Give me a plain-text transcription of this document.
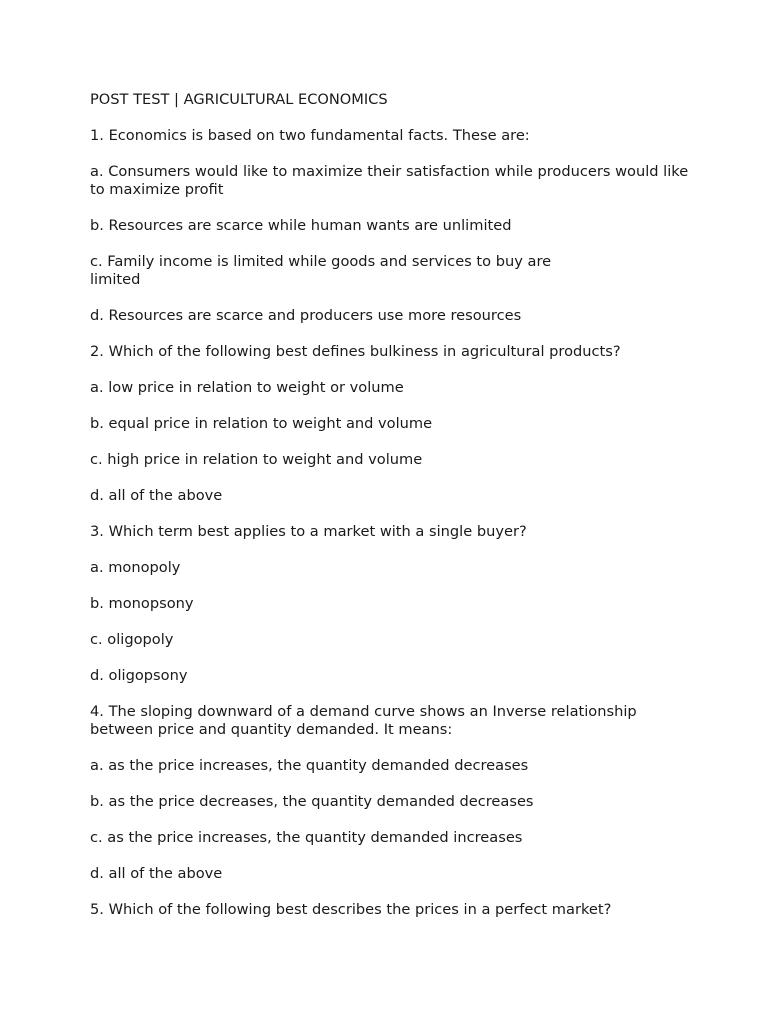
POST TEST | AGRICULTURAL ECONOMICS

1. Economics is based on two fundamental facts. These are:

a. Consumers would like to maximize their satisfaction while producers would like to maximize profit

b. Resources are scarce while human wants are unlimited

c. Family income is limited while goods and services to buy are limited

d. Resources are scarce and producers use more resources

2. Which of the following best defines bulkiness in agricultural products?

a. low price in relation to weight or volume

b. equal price in relation to weight and volume

c. high price in relation to weight and volume

d. all of the above

3. Which term best applies to a market with a single buyer?

a. monopoly

b. monopsony

c. oligopoly

d. oligopsony

4. The sloping downward of a demand curve shows an Inverse relationship between price and quantity demanded. It means:

a. as the price increases, the quantity demanded decreases

b. as the price decreases, the quantity demanded decreases

c. as the price increases, the quantity demanded increases

d. all of the above

5. Which of the following best describes the prices in a perfect market?
